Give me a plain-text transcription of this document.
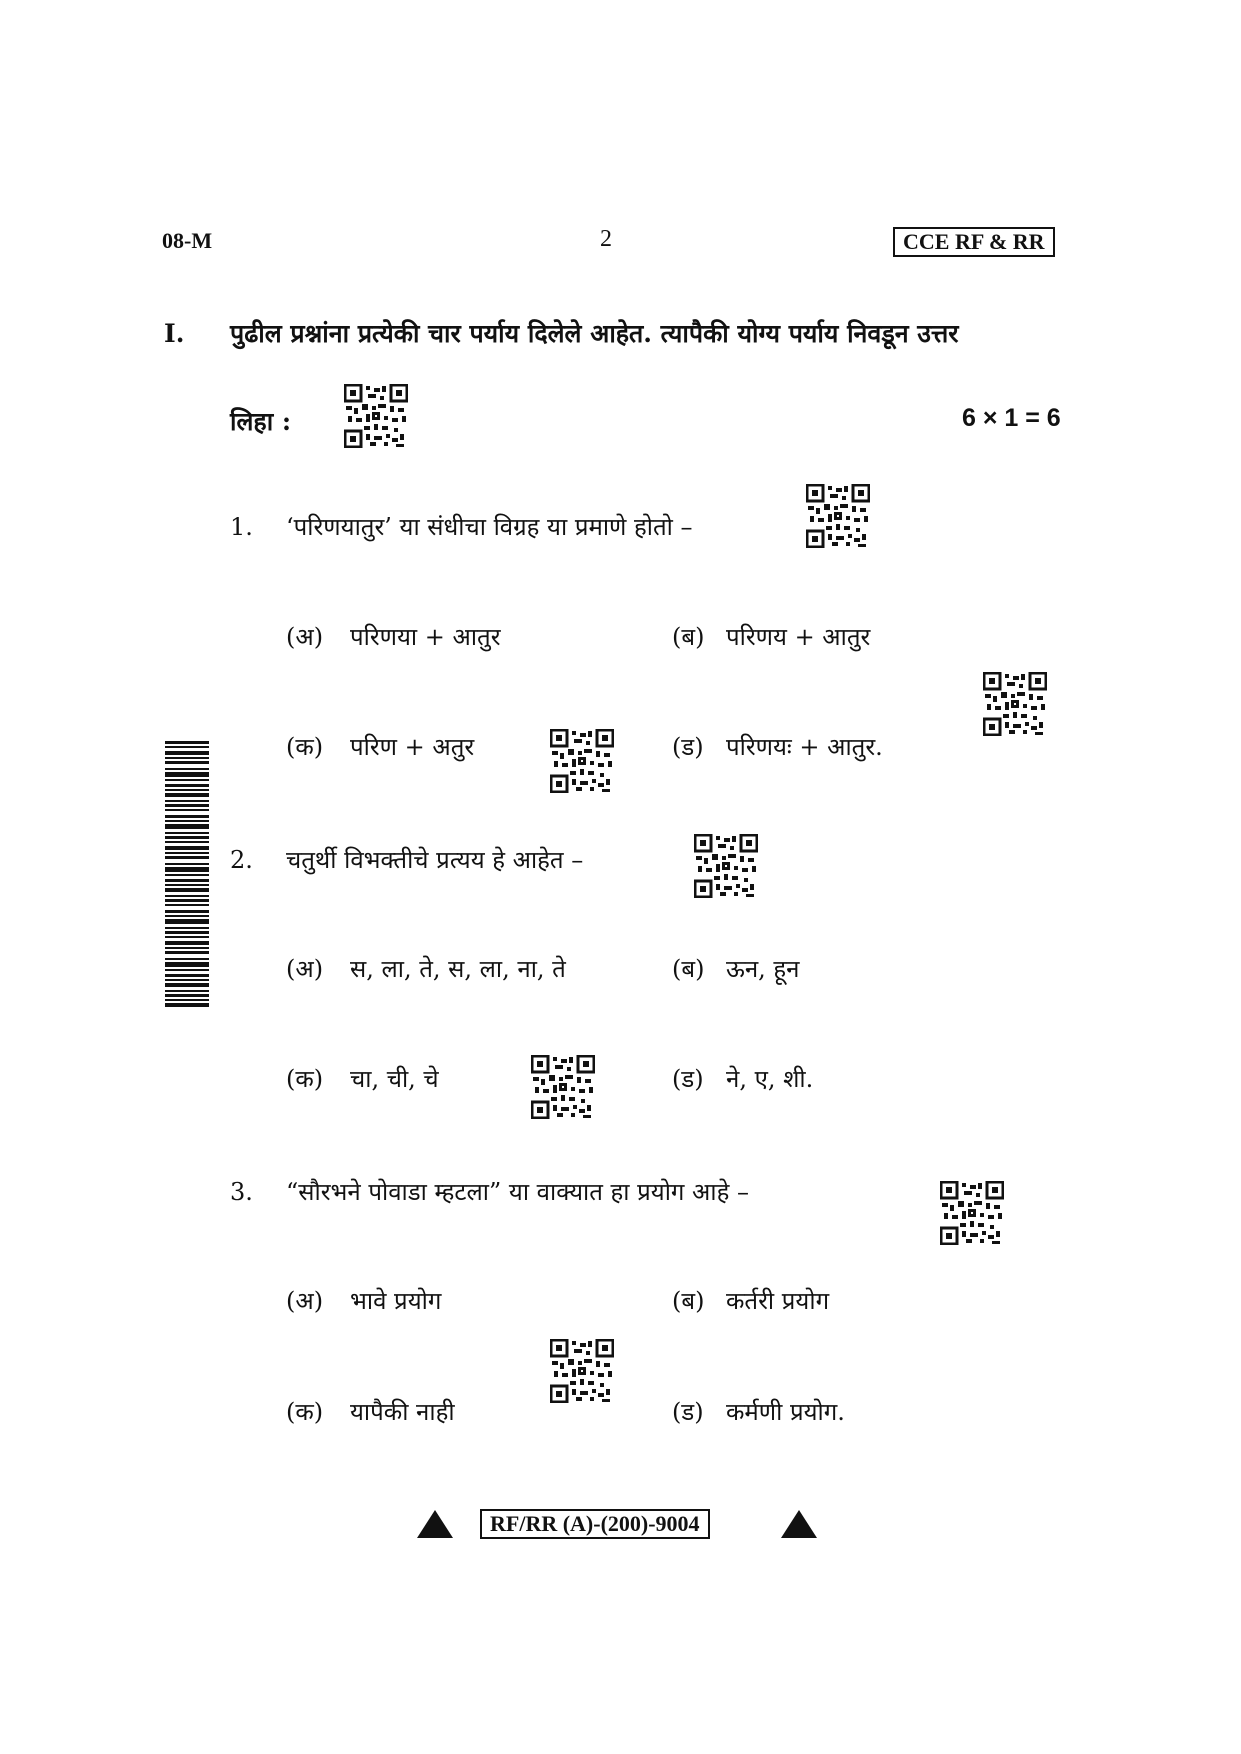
08-M	2	CCE RF & RR
I. पुढील प्रश्नांना प्रत्येकी चार पर्याय दिलेले आहेत. त्यापैकी योग्य पर्याय निवडून उत्तर
लिहा :	6 × 1 = 6
1. ‘परिणयातुर’ या संधीचा विग्रह या प्रमाणे होतो –
(अ) परिणया + आतुर	(ब) परिणय + आतुर
(क) परिण + अतुर	(ड) परिणयः + आतुर.
2. चतुर्थी विभक्तीचे प्रत्यय हे आहेत –
(अ) स, ला, ते, स, ला, ना, ते	(ब) ऊन, हून
(क) चा, ची, चे	(ड) ने, ए, शी.
3. “सौरभने पोवाडा म्हटला” या वाक्यात हा प्रयोग आहे –
(अ) भावे प्रयोग	(ब) कर्तरी प्रयोग
(क) यापैकी नाही	(ड) कर्मणी प्रयोग.
RF/RR (A)-(200)-9004
